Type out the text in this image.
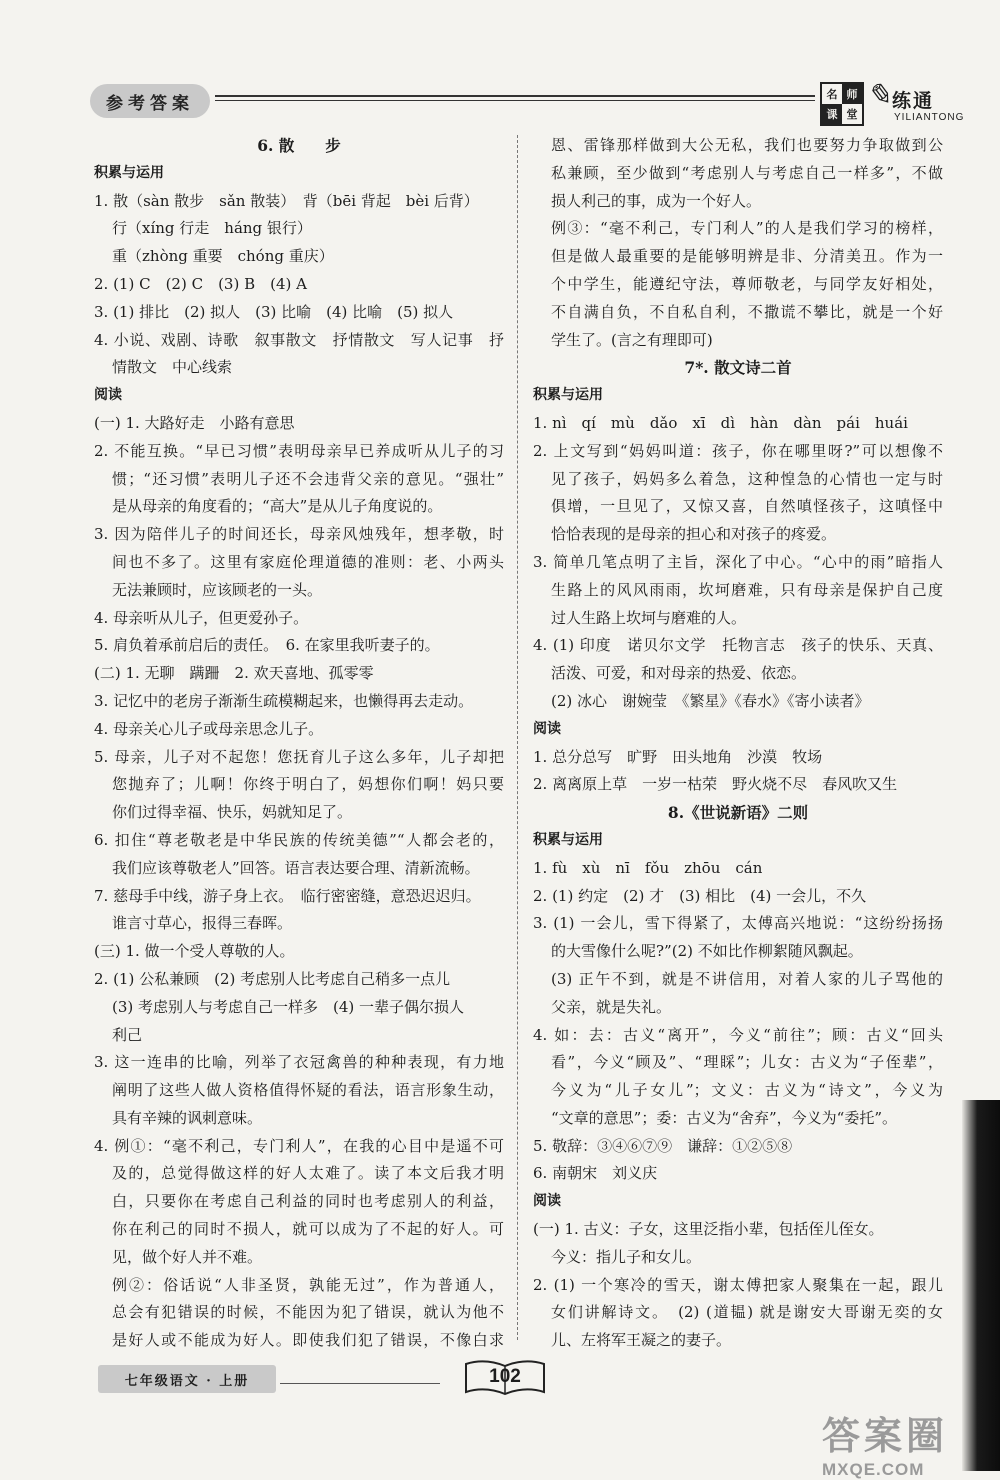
参考答案	名 师
课 堂
✎ 练通
YILIANTONG
6. 散　　步
积累与运用
1. 散（sàn 散步　sǎn 散装）　背（bēi 背起　bèi 后背）
行（xíng 行走　háng 银行）
重（zhòng 重要　chóng 重庆）
2. (1) C　(2) C　(3) B　(4) A
3. (1) 排比　(2) 拟人　(3) 比喻　(4) 比喻　(5) 拟人
4. 小说、戏剧、诗歌　叙事散文　抒情散文　写人记事　抒
情散文　中心线索
阅读
(一) 1. 大路好走　小路有意思
2. 不能互换。“早已习惯”表明母亲早已养成听从儿子的习
惯；“还习惯”表明儿子还不会违背父亲的意见。“强壮”
是从母亲的角度看的；“高大”是从儿子角度说的。
3. 因为陪伴儿子的时间还长，母亲风烛残年，想孝敬，时
间也不多了。这里有家庭伦理道德的准则：老、小两头
无法兼顾时，应该顾老的一头。
4. 母亲听从儿子，但更爱孙子。
5. 肩负着承前启后的责任。　6. 在家里我听妻子的。
(二) 1. 无聊　蹒跚　2. 欢天喜地、孤零零
3. 记忆中的老房子渐渐生疏模糊起来，也懒得再去走动。
4. 母亲关心儿子或母亲思念儿子。
5. 母亲，儿子对不起您！您抚育儿子这么多年，儿子却把
您抛弃了；儿啊！你终于明白了，妈想你们啊！妈只要
你们过得幸福、快乐，妈就知足了。
6. 扣住“尊老敬老是中华民族的传统美德”“人都会老的，
我们应该尊敬老人”回答。语言表达要合理、清新流畅。
7. 慈母手中线，游子身上衣。　临行密密缝，意恐迟迟归。
谁言寸草心，报得三春晖。
(三) 1. 做一个受人尊敬的人。
2. (1) 公私兼顾　(2) 考虑别人比考虑自己稍多一点儿
(3) 考虑别人与考虑自己一样多　(4) 一辈子偶尔损人
利己
3. 这一连串的比喻，列举了衣冠禽兽的种种表现，有力地
阐明了这些人做人资格值得怀疑的看法，语言形象生动，
具有辛辣的讽刺意味。
4. 例①：“毫不利己，专门利人”，在我的心目中是遥不可
及的，总觉得做这样的好人太难了。读了本文后我才明
白，只要你在考虑自己利益的同时也考虑别人的利益，
你在利己的同时不损人，就可以成为了不起的好人。可
见，做个好人并不难。
例②：俗话说“人非圣贤，孰能无过”，作为普通人，
总会有犯错误的时候，不能因为犯了错误，就认为他不
是好人或不能成为好人。即使我们犯了错误，不像白求
恩、雷锋那样做到大公无私，我们也要努力争取做到公
私兼顾，至少做到“考虑别人与考虑自己一样多”，不做
损人利己的事，成为一个好人。
例③：“毫不利己，专门利人”的人是我们学习的榜样，
但是做人最重要的是能够明辨是非、分清美丑。作为一
个中学生，能遵纪守法，尊师敬老，与同学友好相处，
不自满自负，不自私自利，不撒谎不攀比，就是一个好
学生了。(言之有理即可)
7*. 散文诗二首
积累与运用
1. nì　qí　mù　dǎo　xī　dì　hàn　dàn　pái　huái
2. 上文写到“妈妈叫道：孩子，你在哪里呀?”可以想像不
见了孩子，妈妈多么着急，这种惶急的心情也一定与时
俱增，一旦见了，又惊又喜，自然嗔怪孩子，这嗔怪中
恰恰表现的是母亲的担心和对孩子的疼爱。
3. 简单几笔点明了主旨，深化了中心。“心中的雨”暗指人
生路上的风风雨雨，坎坷磨难，只有母亲是保护自己度
过人生路上坎坷与磨难的人。
4. (1) 印度　诺贝尔文学　托物言志　孩子的快乐、天真、
活泼、可爱，和对母亲的热爱、依恋。
(2) 冰心　谢婉莹　《繁星》《春水》《寄小读者》
阅读
1. 总分总写　旷野　田头地角　沙漠　牧场
2. 离离原上草　一岁一枯荣　野火烧不尽　春风吹又生
8.《世说新语》二则
积累与运用
1. fù　xù　nī　fǒu　zhōu　cán
2. (1) 约定　(2) 才　(3) 相比　(4) 一会儿，不久
3. (1) 一会儿，雪下得紧了，太傅高兴地说：“这纷纷扬扬
的大雪像什么呢?”(2) 不如比作柳絮随风飘起。
(3) 正午不到，就是不讲信用，对着人家的儿子骂他的
父亲，就是失礼。
4. 如：去：古义“离开”，今义“前往”；顾：古义“回头
看”，今义“顾及”、“理睬”；儿女：古义为“子侄辈”，
今义为“儿子女儿”；文义：古义为“诗文”，今义为
“文章的意思”；委：古义为“舍弃”，今义为“委托”。
5. 敬辞：③④⑥⑦⑨　谦辞：①②⑤⑧
6. 南朝宋　刘义庆
阅读
(一) 1. 古义：子女，这里泛指小辈，包括侄儿侄女。
今义：指儿子和女儿。
2. (1) 一个寒冷的雪天，谢太傅把家人聚集在一起，跟儿
女们讲解诗文。　(2) (道韫) 就是谢安大哥谢无奕的女
儿、左将军王凝之的妻子。
七年级语文 · 上册	102
答案圈
MXQE.COM
